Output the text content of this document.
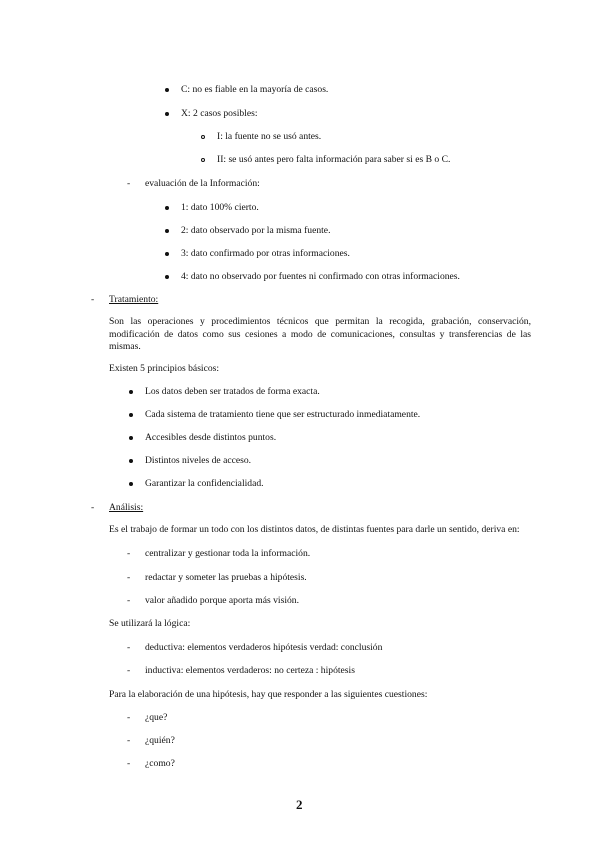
C: no es fiable en la mayoría de casos.
X: 2 casos posibles:
I: la fuente no se usó antes.
II: se usó antes pero falta información para saber si es B o C.
- evaluación de la Información:
1: dato 100% cierto.
2: dato observado por la misma fuente.
3: dato confirmado por otras informaciones.
4: dato no observado por fuentes ni confirmado con otras informaciones.
- Tratamiento:
Son las operaciones y procedimientos técnicos que permitan la recogida, grabación, conservación, modificación de datos como sus cesiones a modo de comunicaciones, consultas y transferencias de las mismas.
Existen 5 principios básicos:
Los datos deben ser tratados de forma exacta.
Cada sistema de tratamiento tiene que ser estructurado inmediatamente.
Accesibles desde distintos puntos.
Distintos niveles de acceso.
Garantizar la confidencialidad.
- Análisis:
Es el trabajo de formar un todo con los distintos datos, de distintas fuentes para darle un sentido, deriva en:
- centralizar y gestionar toda la información.
- redactar y someter las pruebas a hipótesis.
- valor añadido porque aporta más visión.
Se utilizará la lógica:
- deductiva: elementos verdaderos hipótesis verdad: conclusión
- inductiva: elementos verdaderos: no certeza : hipótesis
Para la elaboración de una hipótesis, hay que responder a las siguientes cuestiones:
- ¿que?
- ¿quién?
- ¿como?
2
